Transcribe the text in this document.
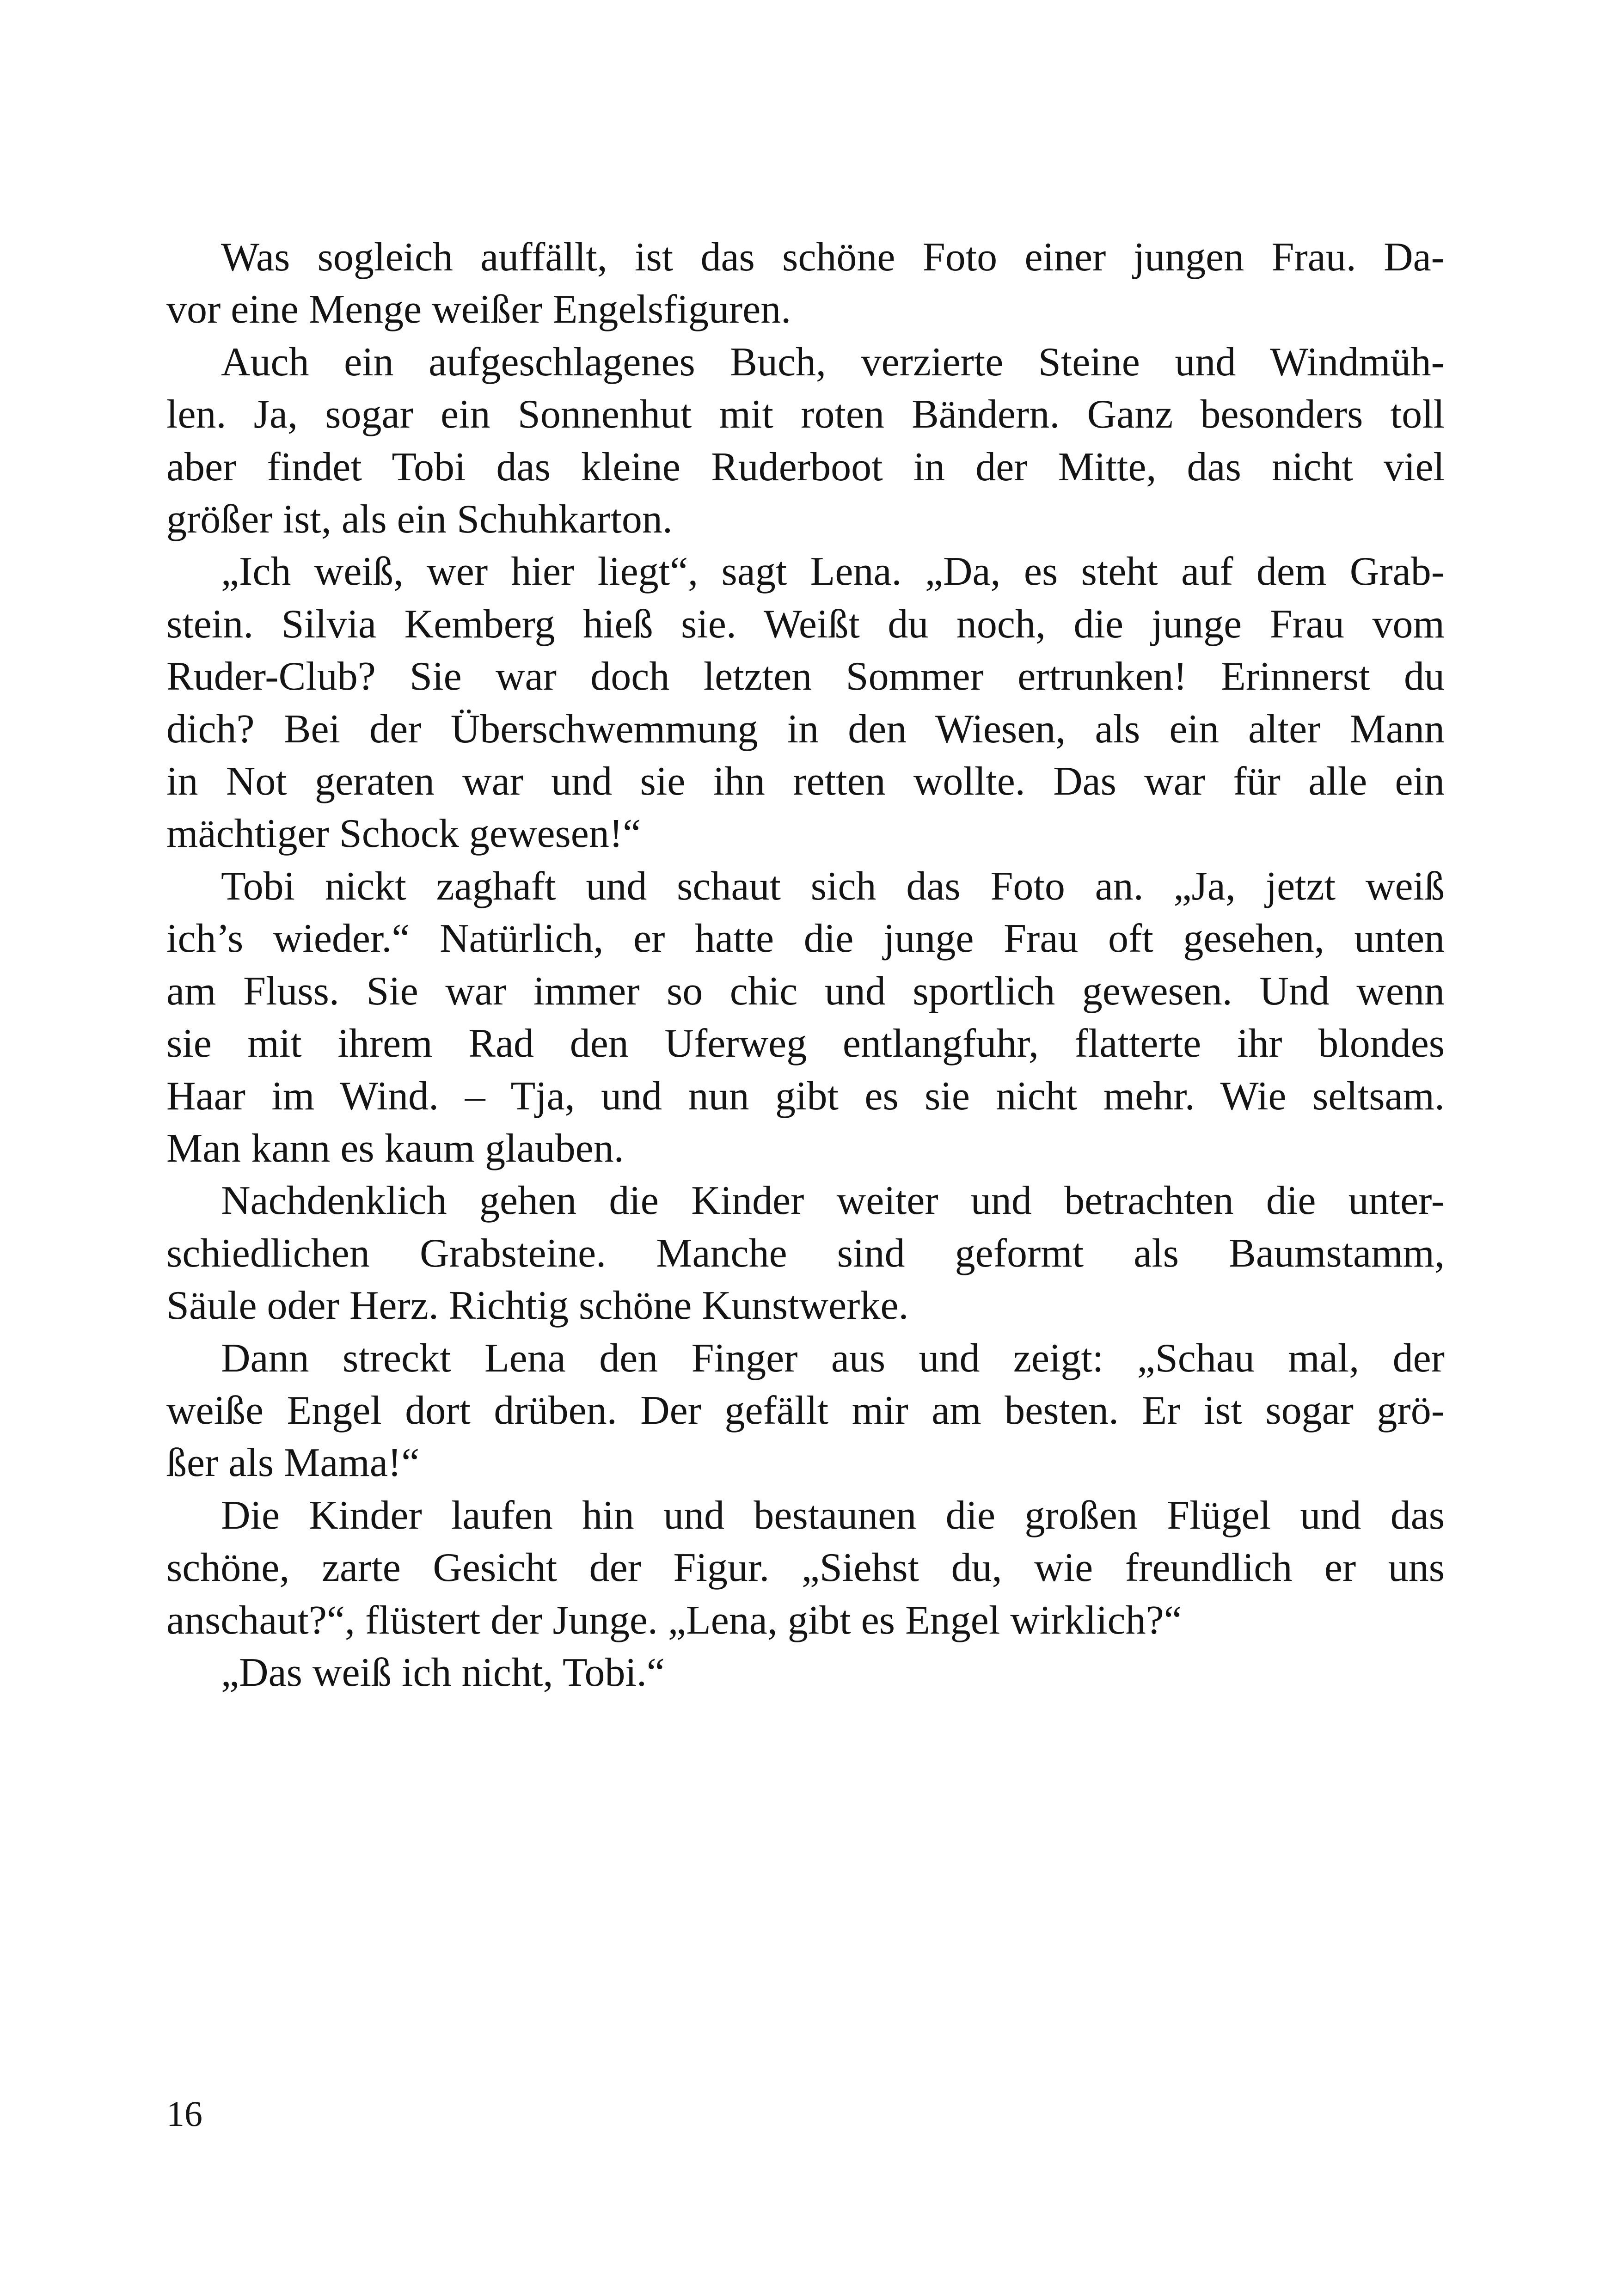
Was sogleich auffällt, ist das schöne Foto einer jungen Frau. Da-
vor eine Menge weißer Engelsfiguren.

Auch ein aufgeschlagenes Buch, verzierte Steine und Windmüh-
len. Ja, sogar ein Sonnenhut mit roten Bändern. Ganz besonders toll
aber findet Tobi das kleine Ruderboot in der Mitte, das nicht viel
größer ist, als ein Schuhkarton.

„Ich weiß, wer hier liegt“, sagt Lena. „Da, es steht auf dem Grab-
stein. Silvia Kemberg hieß sie. Weißt du noch, die junge Frau vom
Ruder-Club? Sie war doch letzten Sommer ertrunken! Erinnerst du
dich? Bei der Überschwemmung in den Wiesen, als ein alter Mann
in Not geraten war und sie ihn retten wollte. Das war für alle ein
mächtiger Schock gewesen!“

Tobi nickt zaghaft und schaut sich das Foto an. „Ja, jetzt weiß
ich’s wieder.“ Natürlich, er hatte die junge Frau oft gesehen, unten
am Fluss. Sie war immer so chic und sportlich gewesen. Und wenn
sie mit ihrem Rad den Uferweg entlangfuhr, flatterte ihr blondes
Haar im Wind. – Tja, und nun gibt es sie nicht mehr. Wie seltsam.
Man kann es kaum glauben.

Nachdenklich gehen die Kinder weiter und betrachten die unter-
schiedlichen Grabsteine. Manche sind geformt als Baumstamm,
Säule oder Herz. Richtig schöne Kunstwerke.

Dann streckt Lena den Finger aus und zeigt: „Schau mal, der
weiße Engel dort drüben. Der gefällt mir am besten. Er ist sogar grö-
ßer als Mama!“

Die Kinder laufen hin und bestaunen die großen Flügel und das
schöne, zarte Gesicht der Figur. „Siehst du, wie freundlich er uns
anschaut?“, flüstert der Junge. „Lena, gibt es Engel wirklich?“

„Das weiß ich nicht, Tobi.“

16
